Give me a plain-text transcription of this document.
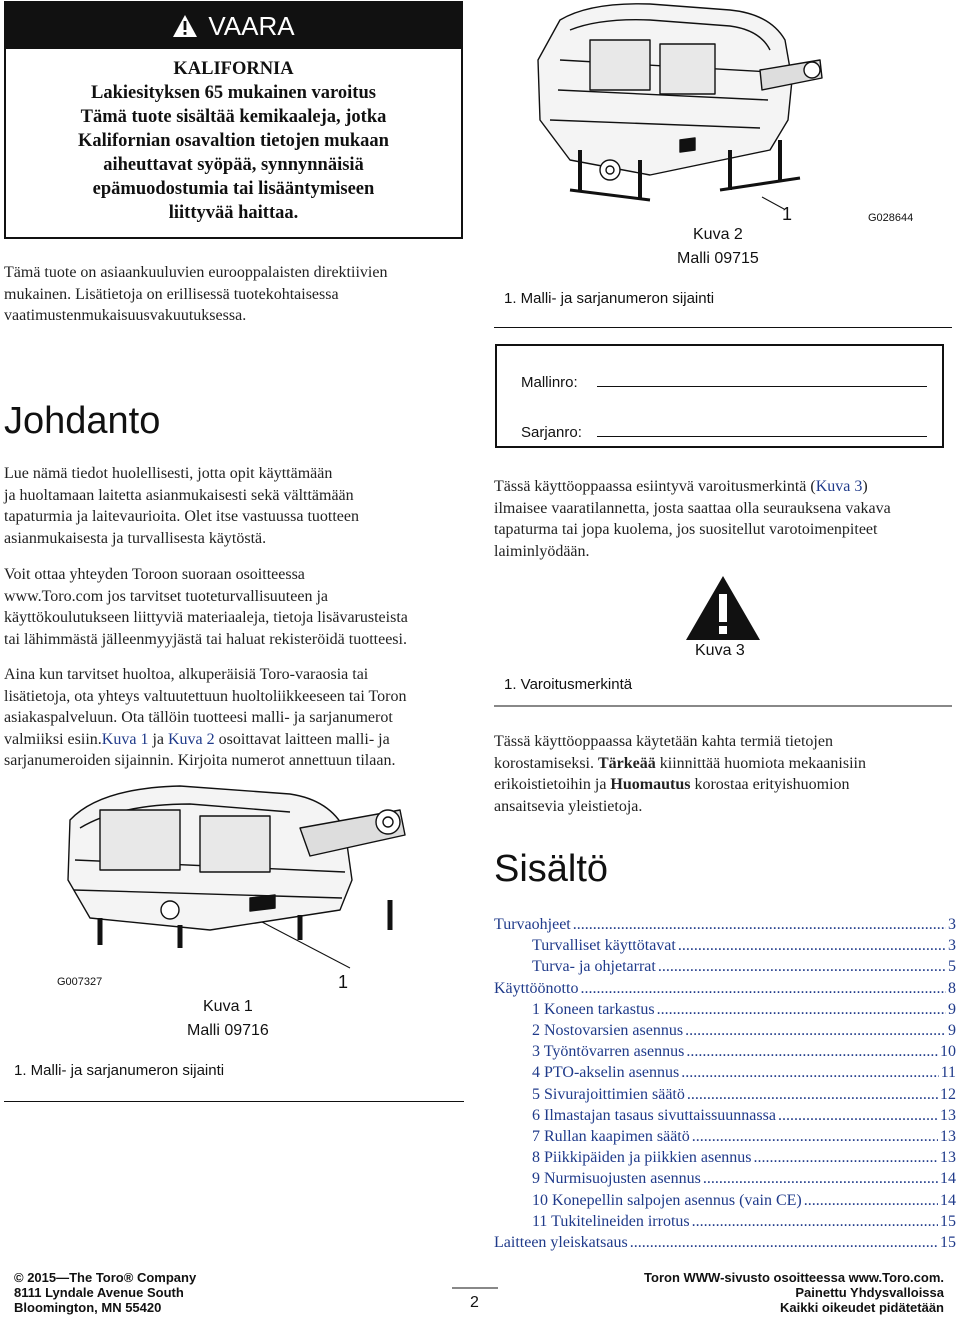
VAARA
KALIFORNIA
Lakiesityksen 65 mukainen varoitus
Tämä tuote sisältää kemikaaleja, jotka
Kalifornian osavaltion tietojen mukaan
aiheuttavat syöpää, synnynnäisiä
epämuodostumia tai lisääntymiseen
liittyvää haittaa.
Tämä tuote on asiaankuuluvien eurooppalaisten direktiivien
mukainen. Lisätietoja on erillisessä tuotekohtaisessa
vaatimustenmukaisuusvakuutuksessa.
1	G028644
Kuva 2
Malli 09715
1. Malli- ja sarjanumeron sijainti
Mallinro:
Sarjanro:
Johdanto
Lue nämä tiedot huolellisesti, jotta opit käyttämään
ja huoltamaan laitetta asianmukaisesti sekä välttämään
tapaturmia ja laitevaurioita. Olet itse vastuussa tuotteen
asianmukaisesta ja turvallisesta käytöstä.
Voit ottaa yhteyden Toroon suoraan osoitteessa
www.Toro.com jos tarvitset tuoteturvallisuuteen ja
käyttökoulutukseen liittyviä materiaaleja, tietoja lisävarusteista
tai lähimmästä jälleenmyyjästä tai haluat rekisteröidä tuotteesi.
Aina kun tarvitset huoltoa, alkuperäisiä Toro-varaosia tai
lisätietoja, ota yhteys valtuutettuun huoltoliikkeeseen tai Toron
asiakaspalveluun. Ota tällöin tuotteesi malli- ja sarjanumerot
valmiiksi esiin.Kuva 1 ja Kuva 2 osoittavat laitteen malli- ja
sarjanumeroiden sijainnin. Kirjoita numerot annettuun tilaan.
G007327	1
Kuva 1
Malli 09716
1. Malli- ja sarjanumeron sijainti
Tässä käyttöoppaassa esiintyvä varoitusmerkintä (Kuva 3)
ilmaisee vaaratilannetta, josta saattaa olla seurauksena vakava
tapaturma tai jopa kuolema, jos suositellut varotoimenpiteet
laiminlyödään.
Kuva 3
1. Varoitusmerkintä
Tässä käyttöoppaassa käytetään kahta termiä tietojen
korostamiseksi. Tärkeää kiinnittää huomiota mekaanisiin
erikoistietoihin ja Huomautus korostaa erityishuomion
ansaitsevia yleistietoja.
Sisältö
Turvaohjeet .....	3
Turvalliset käyttötavat .....	3
Turva- ja ohjetarrat .....	5
Käyttöönotto .....	8
1 Koneen tarkastus .....	9
2 Nostovarsien asennus .....	9
3 Työntövarren asennus .....	10
4 PTO-akselin asennus .....	11
5 Sivurajoittimien säätö .....	12
6 Ilmastajan tasaus sivuttaissuunnassa .....	13
7 Rullan kaapimen säätö .....	13
8 Piikkipäiden ja piikkien asennus .....	13
9 Nurmisuojusten asennus .....	14
10 Konepellin salpojen asennus (vain CE) .....	14
11 Tukitelineiden irrotus .....	15
Laitteen yleiskatsaus .....	15
© 2015—The Toro® Company
8111 Lyndale Avenue South
Bloomington, MN 55420	2
Toron WWW-sivusto osoitteessa www.Toro.com.
Painettu Yhdysvalloissa
Kaikki oikeudet pidätetään
